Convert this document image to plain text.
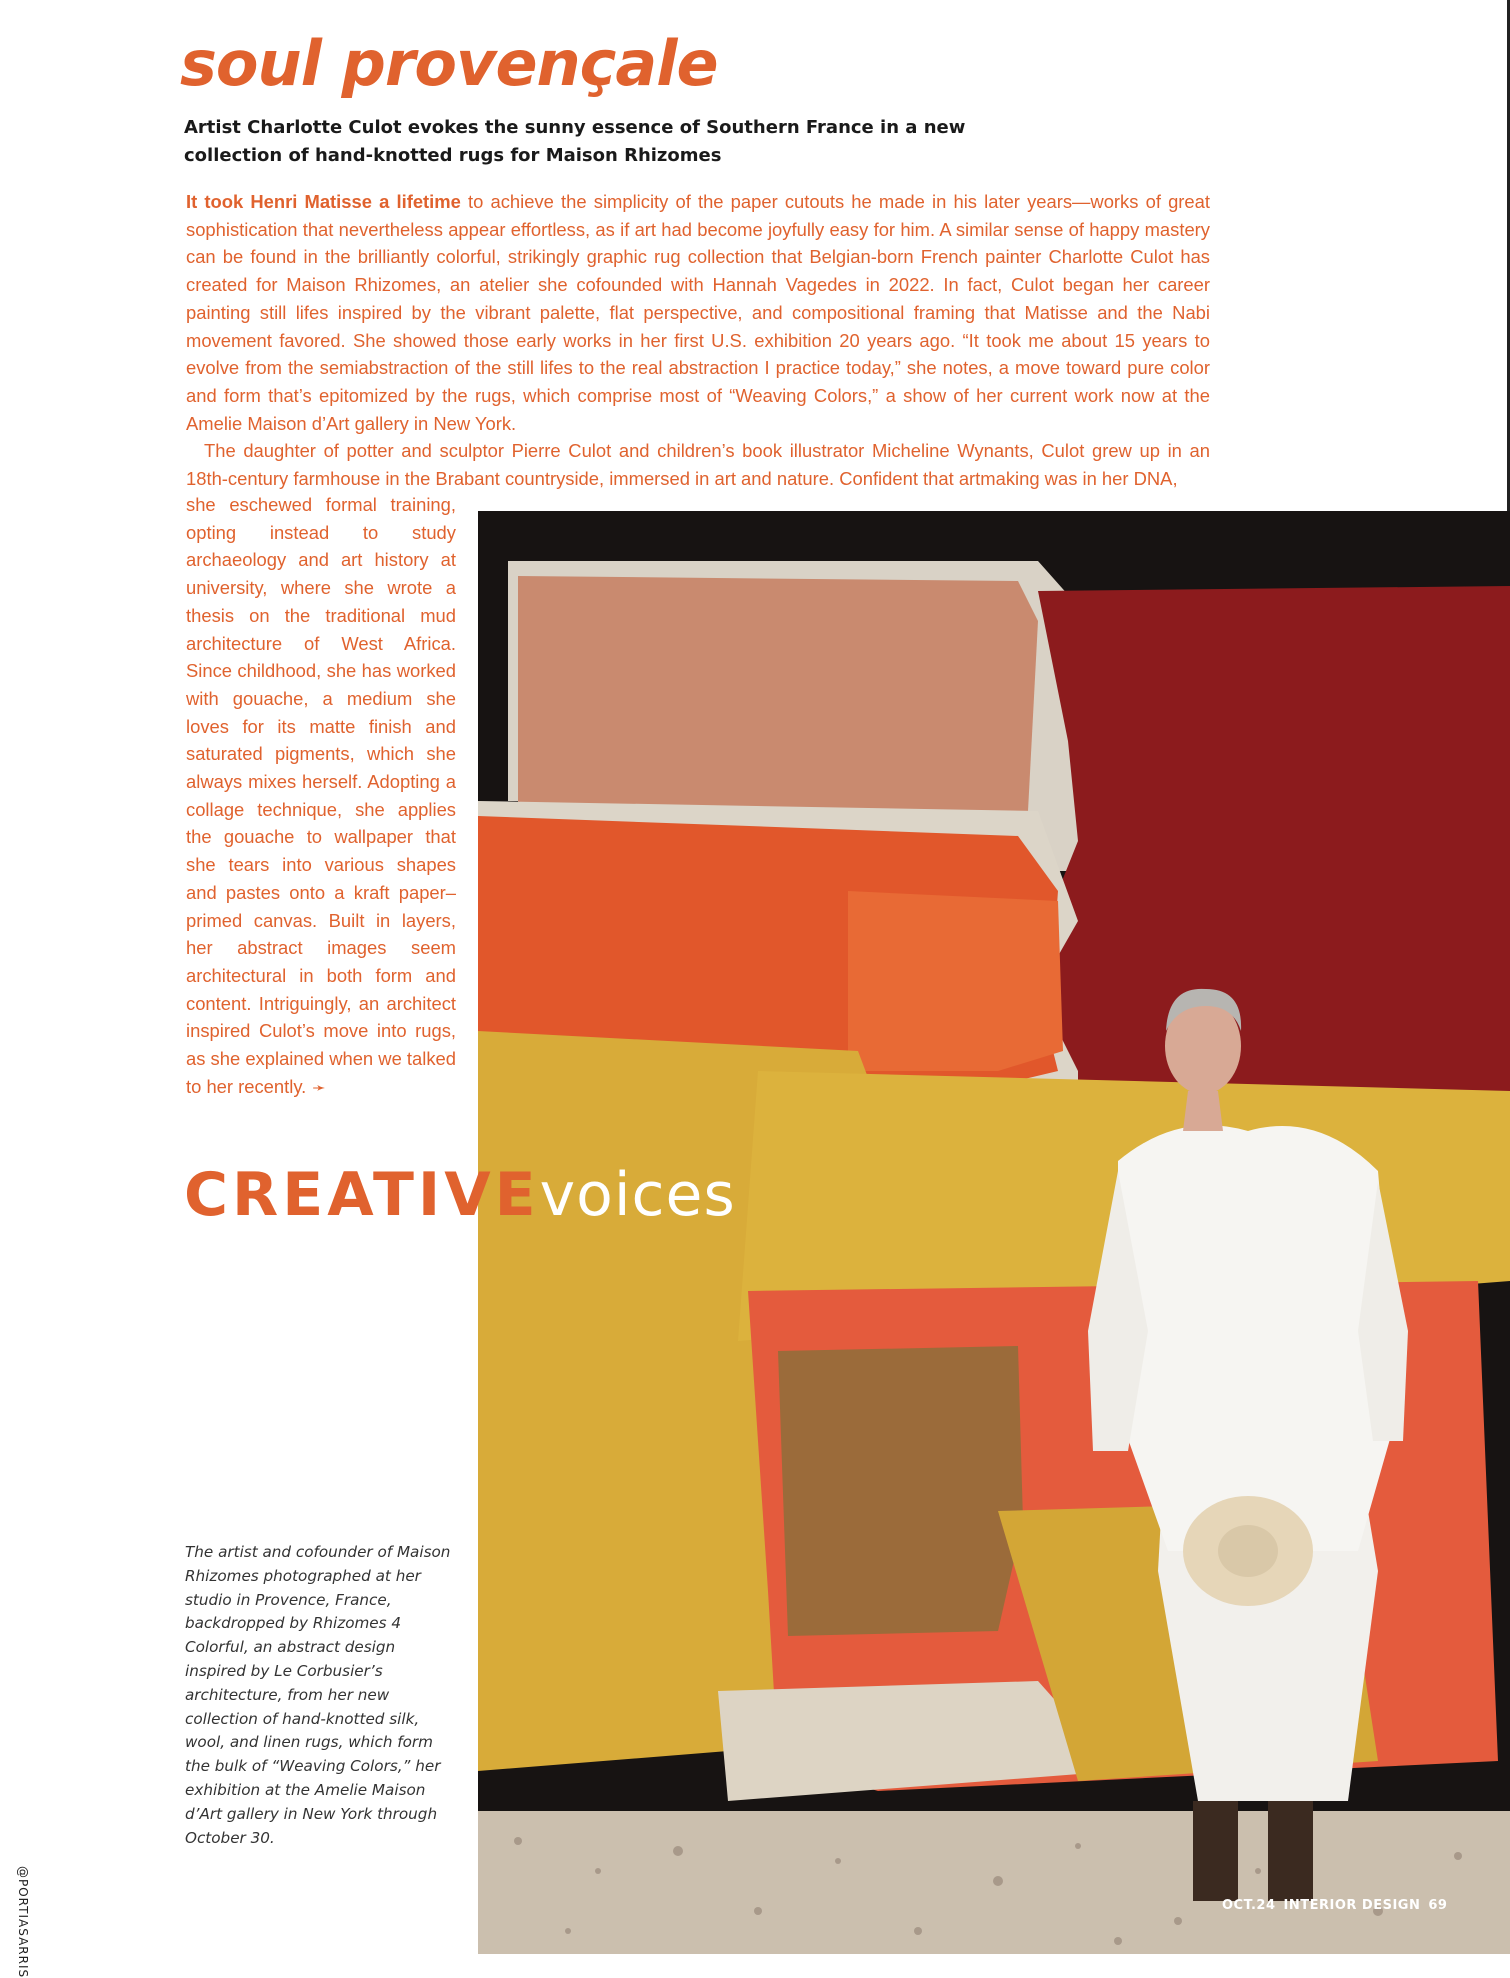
soul provençale
Artist Charlotte Culot evokes the sunny essence of Southern France in a new collection of hand-knotted rugs for Maison Rhizomes
It took Henri Matisse a lifetime to achieve the simplicity of the paper cutouts he made in his later years—works of great sophistication that nevertheless appear effortless, as if art had become joyfully easy for him. A similar sense of happy mastery can be found in the brilliantly colorful, strikingly graphic rug collection that Belgian-born French painter Charlotte Culot has created for Maison Rhizomes, an atelier she cofounded with Hannah Vagedes in 2022. In fact, Culot began her career painting still lifes inspired by the vibrant palette, flat perspective, and compositional framing that Matisse and the Nabi movement favored. She showed those early works in her first U.S. exhibition 20 years ago. “It took me about 15 years to evolve from the semiabstraction of the still lifes to the real abstraction I practice today,” she notes, a move toward pure color and form that’s epitomized by the rugs, which comprise most of “Weaving Colors,” a show of her current work now at the Amelie Maison d’Art gallery in New York.
The daughter of potter and sculptor Pierre Culot and children’s book illustrator Micheline Wynants, Culot grew up in an 18th-century farmhouse in the Brabant countryside, immersed in art and nature. Confident that artmaking was in her DNA,
she eschewed formal training, opting instead to study archaeology and art history at university, where she wrote a thesis on the traditional mud architecture of West Africa. Since childhood, she has worked with gouache, a medium she loves for its matte finish and saturated pigments, which she always mixes herself. Adopting a collage technique, she applies the gouache to wallpaper that she tears into various shapes and pastes onto a kraft paper–primed canvas. Built in layers, her abstract images seem architectural in both form and content. Intriguingly, an architect inspired Culot’s move into rugs, as she explained when we talked to her recently. ➛
CREATIVEvoices

The artist and cofounder of Maison Rhizomes photographed at her studio in Provence, France, backdropped by Rhizomes 4 Colorful, an abstract design inspired by Le Corbusier’s architecture, from her new collection of hand-knotted silk, wool, and linen rugs, which form the bulk of “Weaving Colors,” her exhibition at the Amelie Maison d’Art gallery in New York through October 30.

@PORTIASARRIS	OCT.24 INTERIOR DESIGN 69
